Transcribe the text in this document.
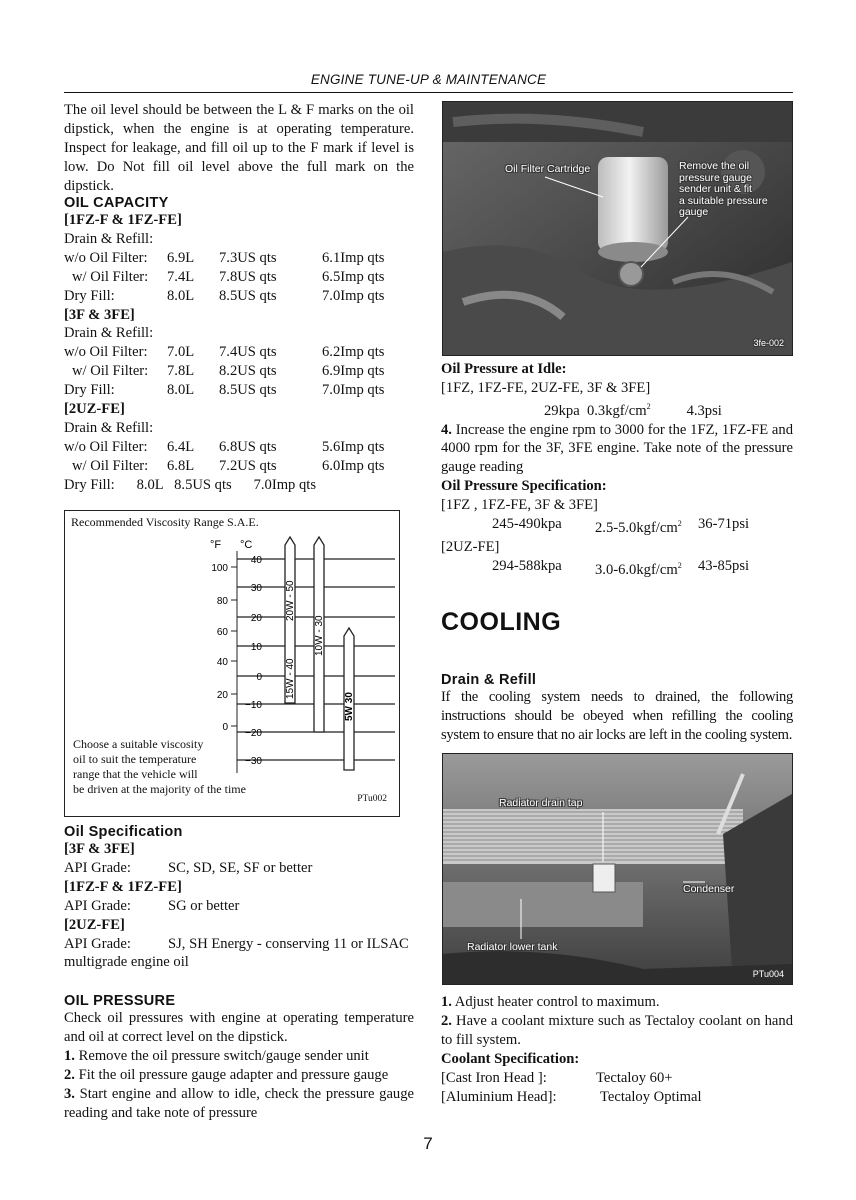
ENGINE TUNE-UP & MAINTENANCE
The oil level should be between the L & F marks on the oil dipstick, when the engine is at operating temperature. Inspect for leakage, and fill oil up to the F mark if level is low. Do Not fill oil level above the full mark on the dipstick.
OIL CAPACITY
[1FZ-F & 1FZ-FE]
Drain & Refill:
w/o Oil Filter:	6.9L	7.3US qts	6.1Imp qts
w/ Oil Filter:	7.4L	7.8US qts	6.5Imp qts
Dry Fill:	8.0L	8.5US qts	7.0Imp qts
[3F & 3FE]
Drain & Refill:
w/o Oil Filter:	7.0L	7.4US qts	6.2Imp qts
w/ Oil Filter:	7.8L	8.2US qts	6.9Imp qts
Dry Fill:	8.0L	8.5US qts	7.0Imp qts
[2UZ-FE]
Drain & Refill:
w/o Oil Filter:	6.4L	6.8US qts	5.6Imp qts
w/ Oil Filter:	6.8L	7.2US qts	6.0Imp qts
Dry Fill:      8.0L   8.5US qts      7.0Imp qts
Recommended Viscosity Range S.A.E.
20W - 50
15W - 40
10W - 30
5W 30
°F °C
100
80
60
40
20
0
40
30
20
10
0
−10
−20
−30
Choose a suitable viscosity
oil to suit the temperature
range that the vehicle will
be driven at the majority of the time
PTu002
Oil Specification
[3F & 3FE]
API Grade:	SC, SD, SE, SF or better
[1FZ-F & 1FZ-FE]
API Grade:	SG or better
[2UZ-FE]
API Grade:	SJ, SH Energy - conserving 11 or ILSAC
multigrade engine oil
OIL PRESSURE
Check oil pressures with engine at operating temperature and oil at correct level on the dipstick.
1. Remove the oil pressure switch/gauge sender unit
2. Fit the oil pressure gauge adapter and pressure gauge
3. Start engine and allow to idle, check the pressure gauge reading and take note of pressure
Oil Filter Cartridge	Remove the oil
pressure gauge
sender unit & fit
a suitable pressure
gauge
3fe-002
Oil Pressure at Idle:
[1FZ, 1FZ-FE, 2UZ-FE, 3F & 3FE]
29kpa $0.3kgf/cm^2$ 4.3psi
4. Increase the engine rpm to 3000 for the 1FZ, 1FZ-FE and 4000 rpm for the 3F, 3FE engine. Take note of the pressure gauge reading
Oil Pressure Specification:
[1FZ , 1FZ-FE, 3F & 3FE]
245-490kpa	$2.5-5.0kgf/cm^2$	36-71psi
[2UZ-FE]
294-588kpa	$3.0-6.0kgf/cm^2$	43-85psi
COOLING
Drain & Refill
If the cooling system needs to drained, the following instructions should be obeyed when refilling the cooling system to ensure that no air locks are left in the cooling system.
Radiator drain tap
Condenser
Radiator lower tank
PTu004
1. Adjust heater control to maximum.
2. Have a coolant mixture such as Tectaloy coolant on hand to fill system.
Coolant Specification:
[Cast Iron Head ]:	Tectaloy 60+
[Aluminium Head]:	Tectaloy Optimal
7
